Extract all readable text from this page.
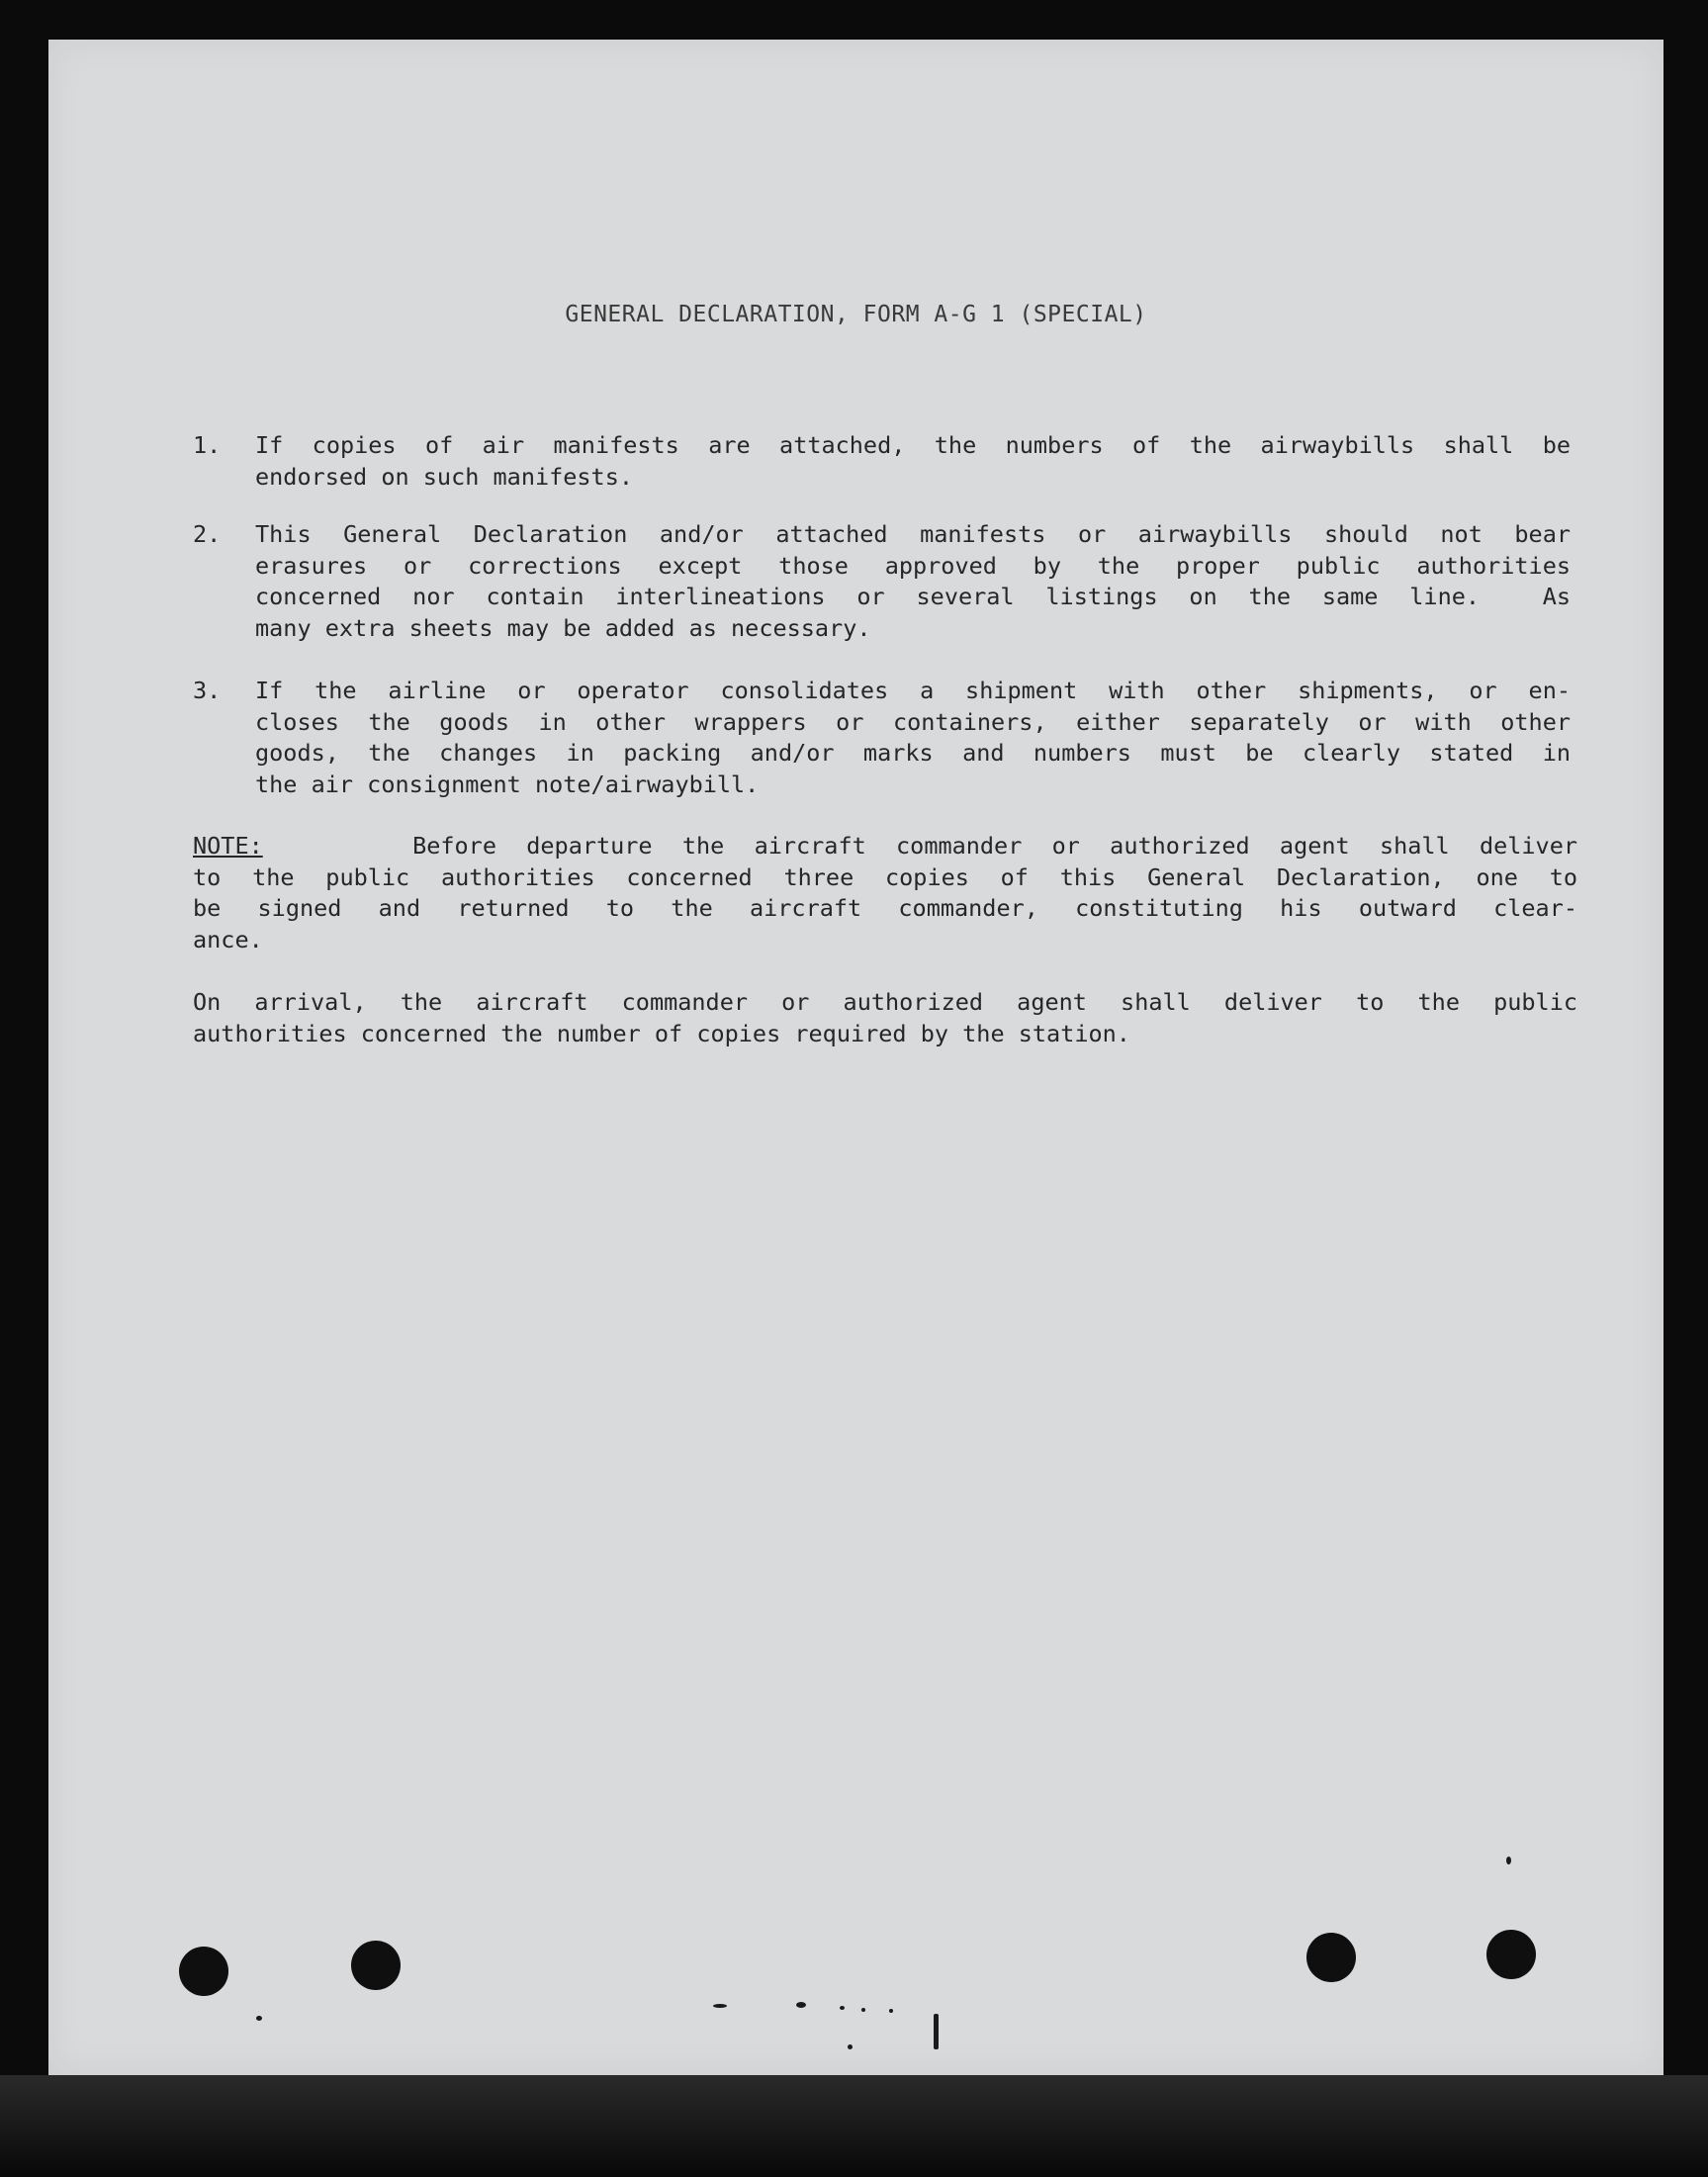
GENERAL DECLARATION, FORM A-G 1 (SPECIAL)
1.	If copies of air manifests are attached, the numbers of the airwaybills shall be
endorsed on such manifests.
2.	This General Declaration and/or attached manifests or airwaybills should not bear
erasures or corrections except those approved by the proper public authorities
concerned nor contain interlineations or several listings on the same line.  As
many extra sheets may be added as necessary.
3.	If the airline or operator consolidates a shipment with other shipments, or en-
closes the goods in other wrappers or containers, either separately or with other
goods, the changes in packing and/or marks and numbers must be clearly stated in
the air consignment note/airwaybill.
NOTE:	Before departure the aircraft commander or authorized agent shall deliver
to the public authorities concerned three copies of this General Declaration, one to
be signed and returned to the aircraft commander, constituting his outward clear-
ance.
On arrival, the aircraft commander or authorized agent shall deliver to the public
authorities concerned the number of copies required by the station.
